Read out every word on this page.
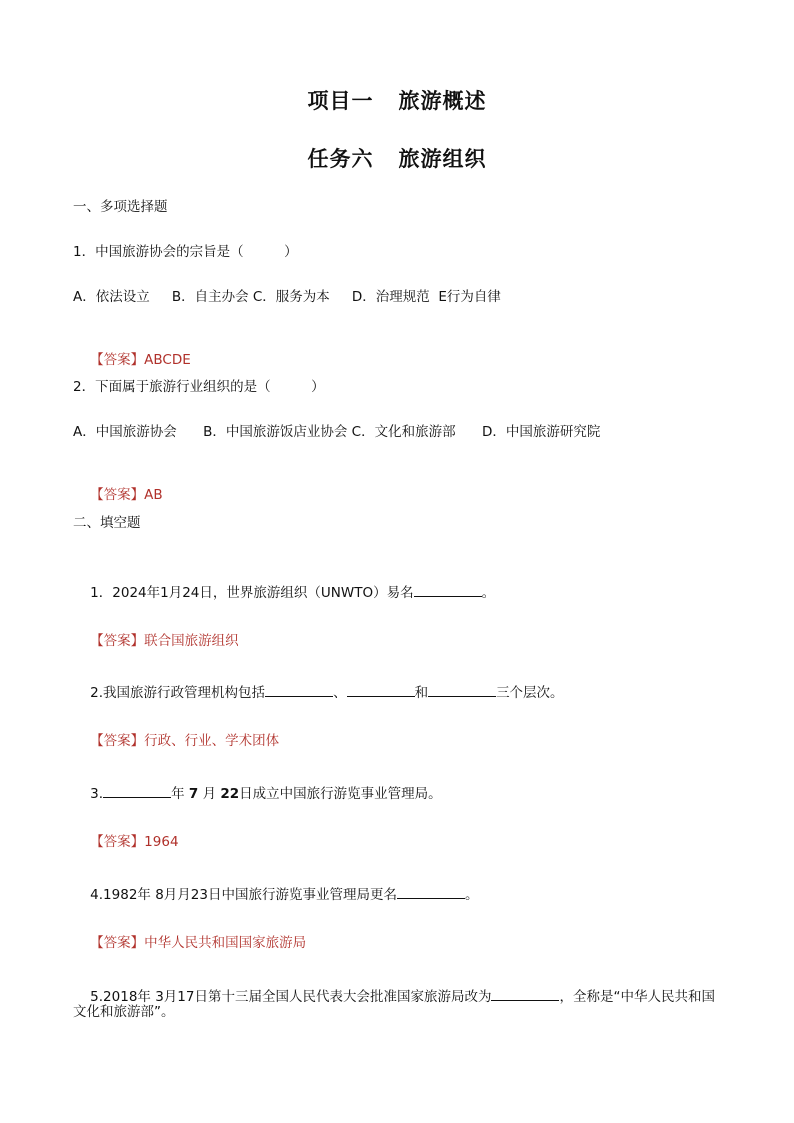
项目一   旅游概述
任务六   旅游组织
一、多项选择题
1．中国旅游协会的宗旨是（　　　）
A．依法设立　  B．自主办会 C．服务为本  　D．治理规范  E行为自律

【答案】ABCDE

2．下面属于旅游行业组织的是（　　　）
A．中国旅游协会   　B．中国旅游饭店业协会 C．文化和旅游部  　 D．中国旅游研究院

【答案】AB

二、填空题

1．2024年1月24日，世界旅游组织（UNWTO）易名	。

【答案】联合国旅游组织

2.我国旅游行政管理机构包括	、	和	三个层次。

【答案】行政、行业、学术团体

3.	年 7 月 22日成立中国旅行游览事业管理局。

【答案】1964

4.1982年 8月月23日中国旅行游览事业管理局更名	。

【答案】中华人民共和国国家旅游局

5.2018年 3月17日第十三届全国人民代表大会批准国家旅游局改为	，全称是“中华人民共和国

文化和旅游部”。
